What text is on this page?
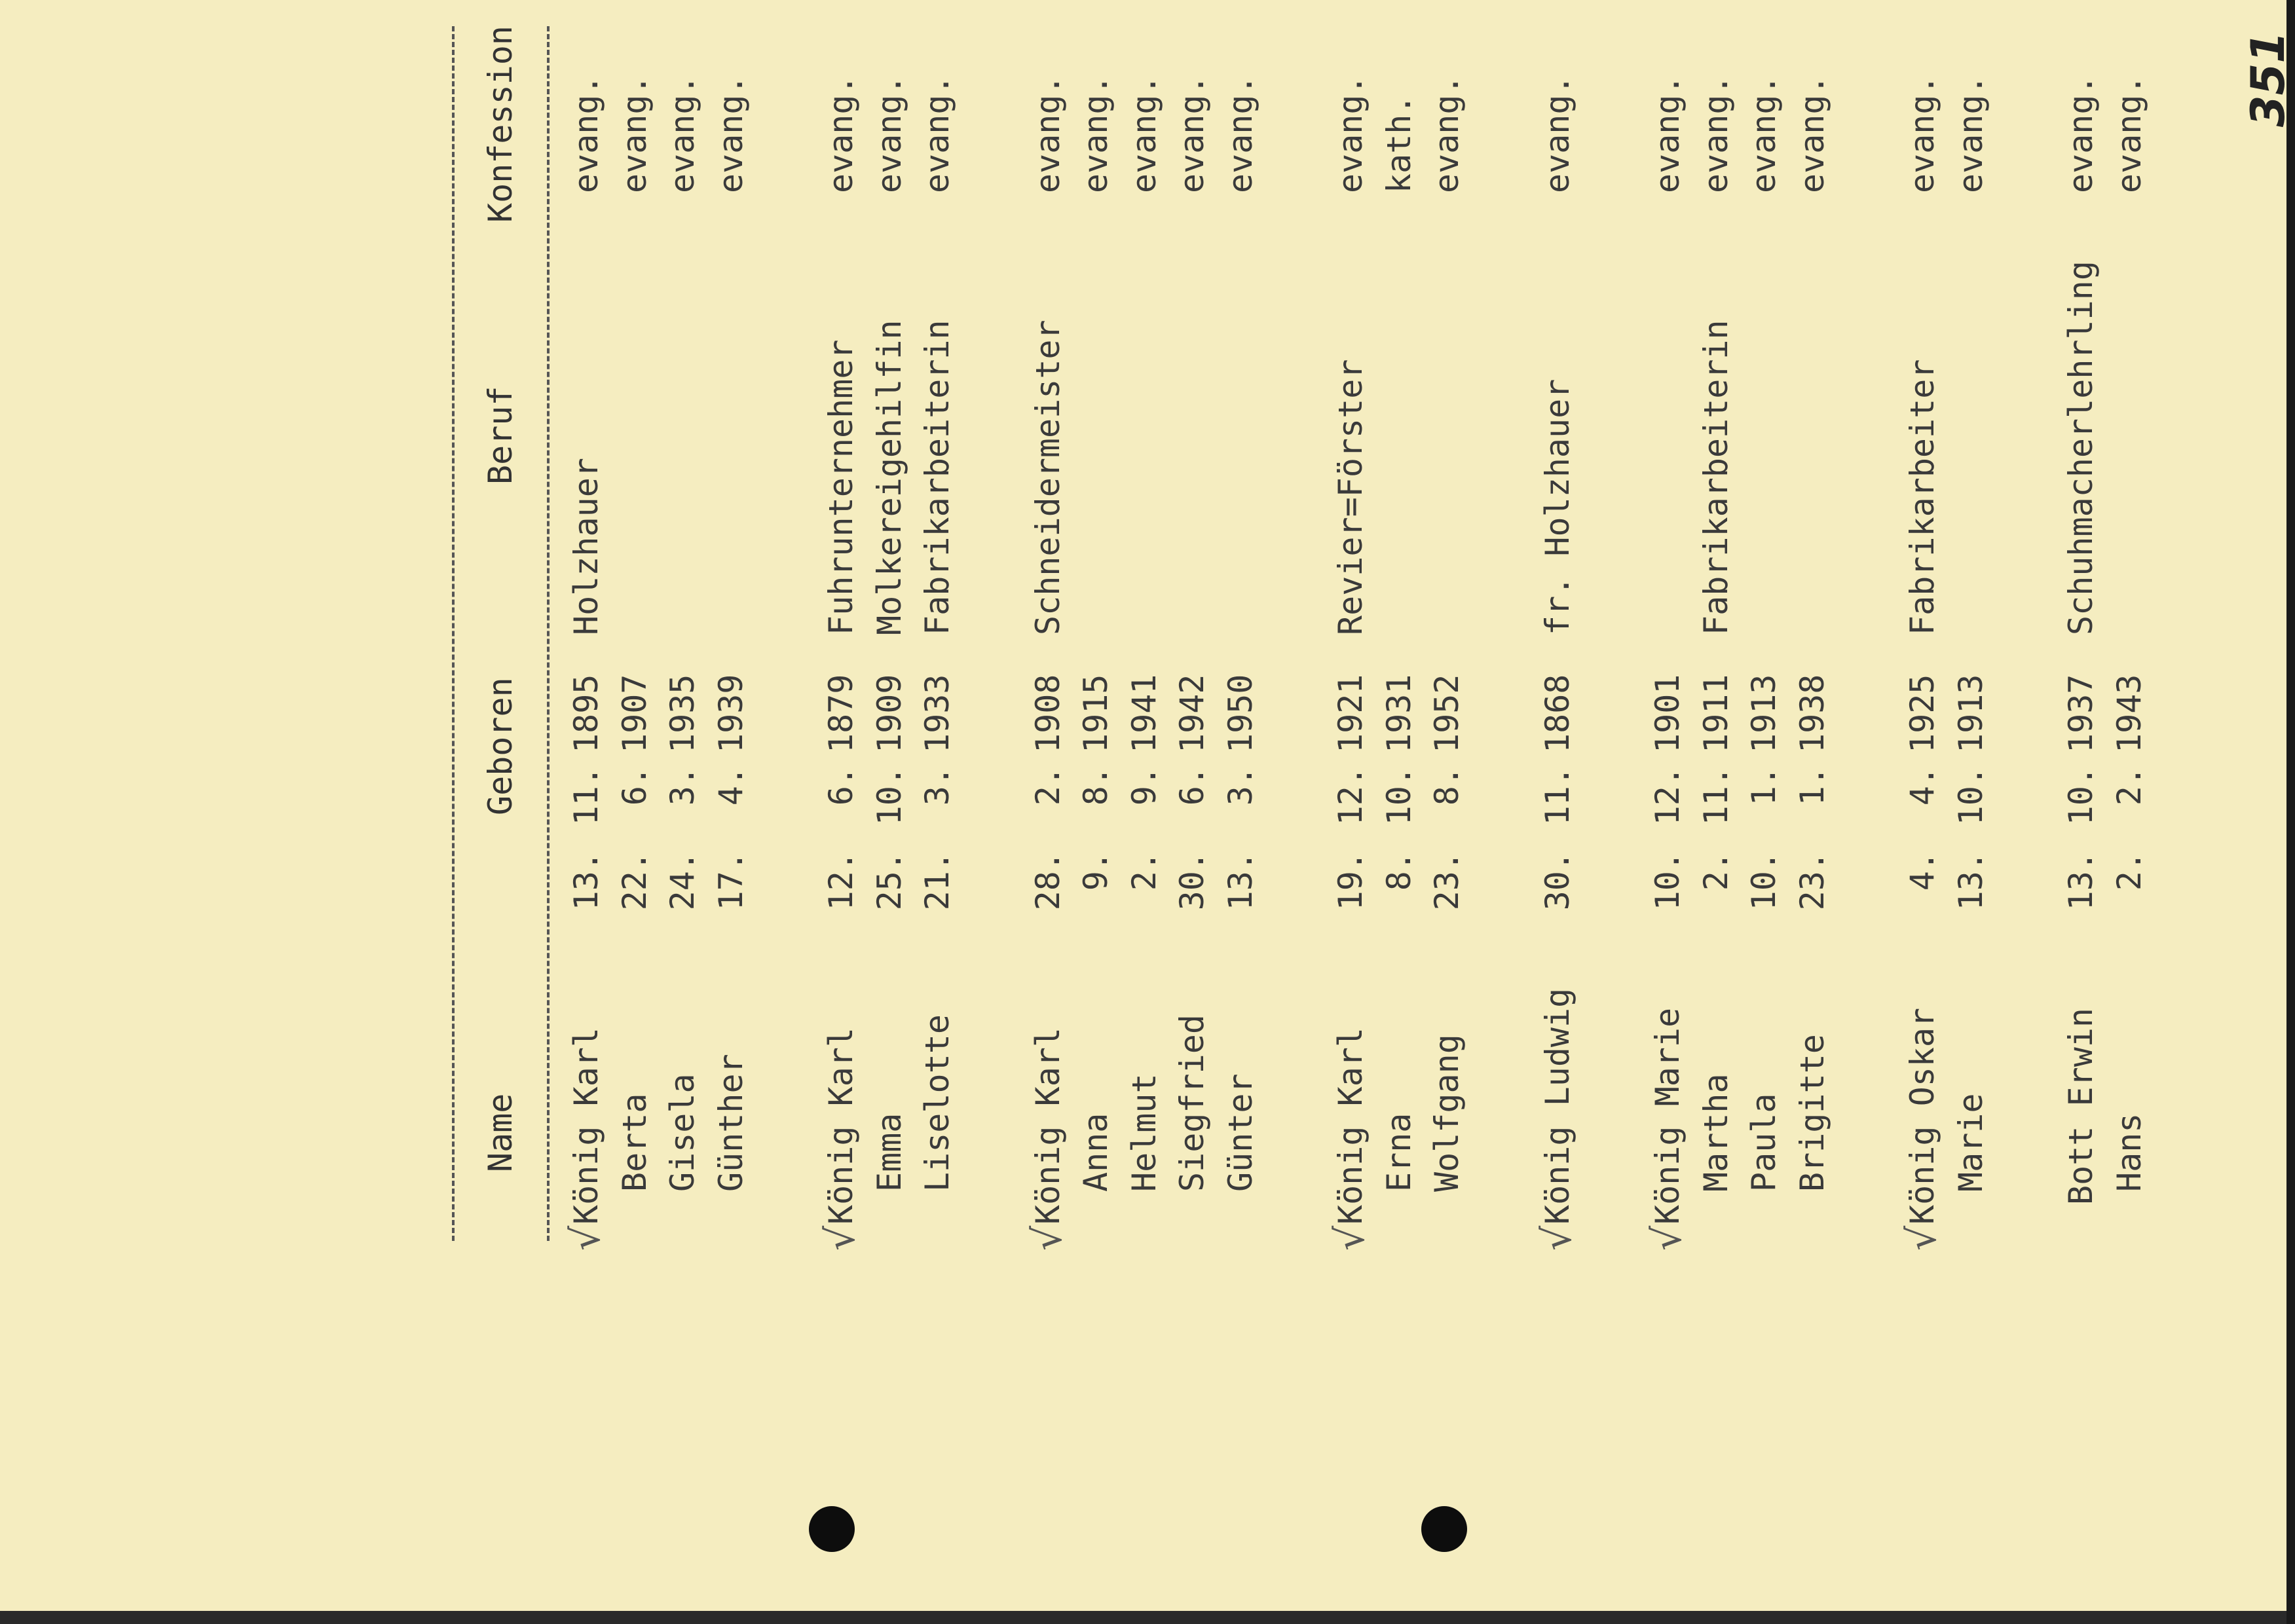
Name
Geboren
Beruf
Konfession
König Karl
13.
11.
1895
Holzhauer
evang.
√
Berta
22.
6.
1907
evang.
Gisela
24.
3.
1935
evang.
Günther
17.
4.
1939
evang.
König Karl
12.
6.
1879
Fuhrunternehmer
evang.
√
Emma
25.
10.
1909
Molkereigehilfin
evang.
Liselotte
21.
3.
1933
Fabrikarbeiterin
evang.
König Karl
28.
2.
1908
Schneidermeister
evang.
√
Anna
9.
8.
1915
evang.
Helmut
2.
9.
1941
evang.
Siegfried
30.
6.
1942
evang.
Günter
13.
3.
1950
evang.
König Karl
19.
12.
1921
Revier=Förster
evang.
√
Erna
8.
10.
1931
kath.
Wolfgang
23.
8.
1952
evang.
König Ludwig
30.
11.
1868
fr. Holzhauer
evang.
√
König Marie
10.
12.
1901
evang.
√
Martha
2.
11.
1911
Fabrikarbeiterin
evang.
Paula
10.
1.
1913
evang.
Brigitte
23.
1.
1938
evang.
König Oskar
4.
4.
1925
Fabrikarbeiter
evang.
√
Marie
13.
10.
1913
evang.
Bott Erwin
13.
10.
1937
Schuhmacherlehrling
evang.
Hans
2.
2.
1943
evang. 351
